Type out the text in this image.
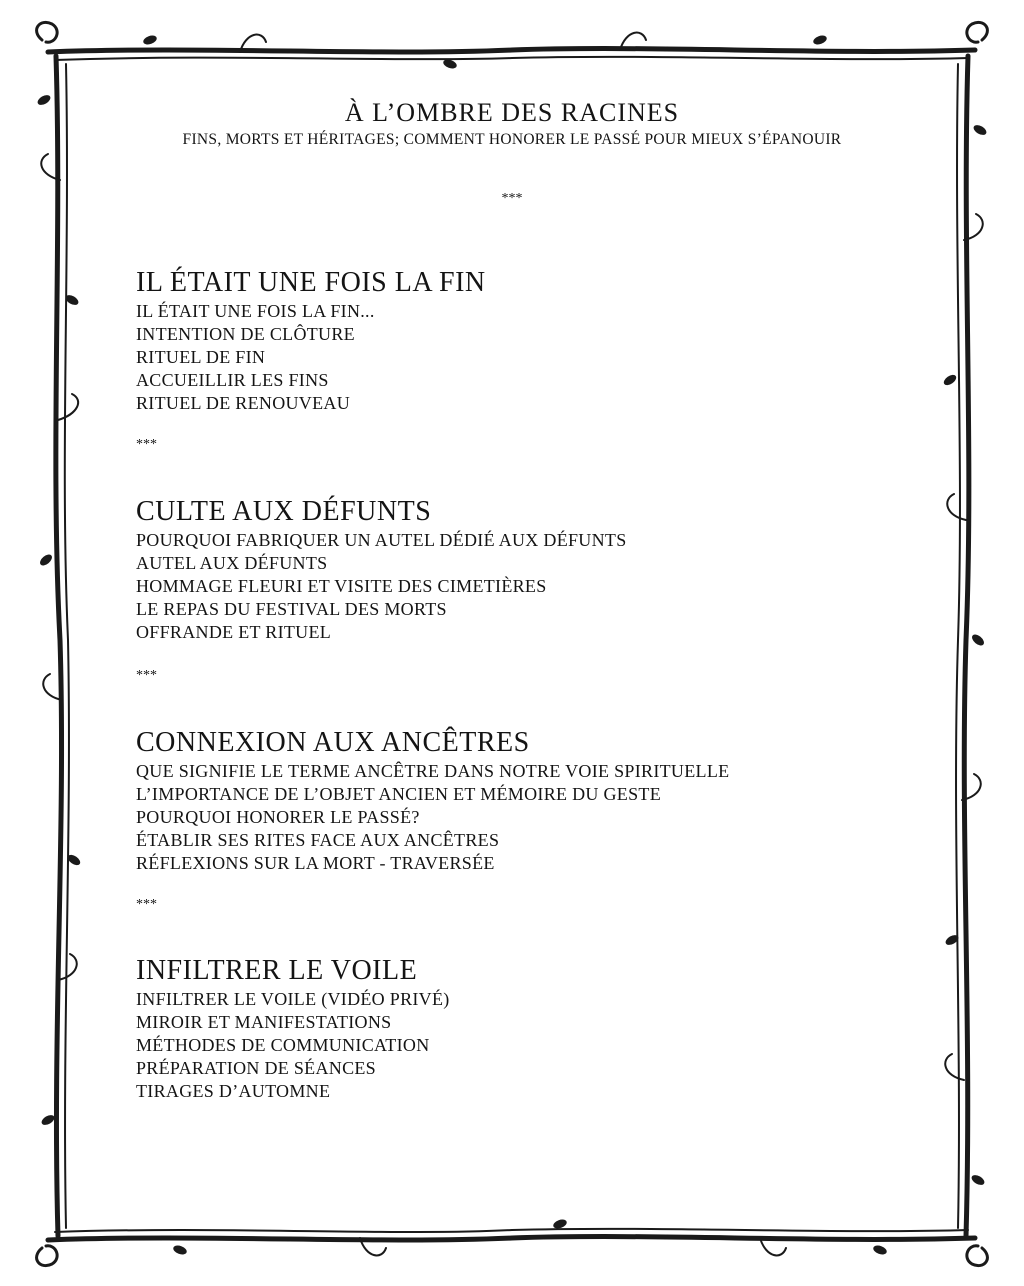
À L’OMBRE DES RACINES
FINS, MORTS ET HÉRITAGES; COMMENT HONORER LE PASSÉ POUR MIEUX S’ÉPANOUIR
***
IL ÉTAIT UNE FOIS LA FIN
IL ÉTAIT UNE FOIS LA FIN...
INTENTION DE CLÔTURE
RITUEL DE FIN
ACCUEILLIR LES FINS
RITUEL DE RENOUVEAU
***
CULTE AUX DÉFUNTS
POURQUOI FABRIQUER UN AUTEL DÉDIÉ AUX DÉFUNTS
AUTEL AUX DÉFUNTS
HOMMAGE FLEURI ET VISITE DES CIMETIÈRES
LE REPAS DU FESTIVAL DES MORTS
OFFRANDE ET RITUEL
***
CONNEXION AUX ANCÊTRES
QUE SIGNIFIE LE TERME ANCÊTRE DANS NOTRE VOIE SPIRITUELLE
L’IMPORTANCE DE L’OBJET ANCIEN ET MÉMOIRE DU GESTE
POURQUOI HONORER LE PASSÉ?
ÉTABLIR SES RITES FACE AUX ANCÊTRES
RÉFLEXIONS SUR LA MORT - TRAVERSÉE
***
INFILTRER LE VOILE
INFILTRER LE VOILE (VIDÉO PRIVÉ)
MIROIR ET MANIFESTATIONS
MÉTHODES DE COMMUNICATION
PRÉPARATION DE SÉANCES
TIRAGES D’AUTOMNE
